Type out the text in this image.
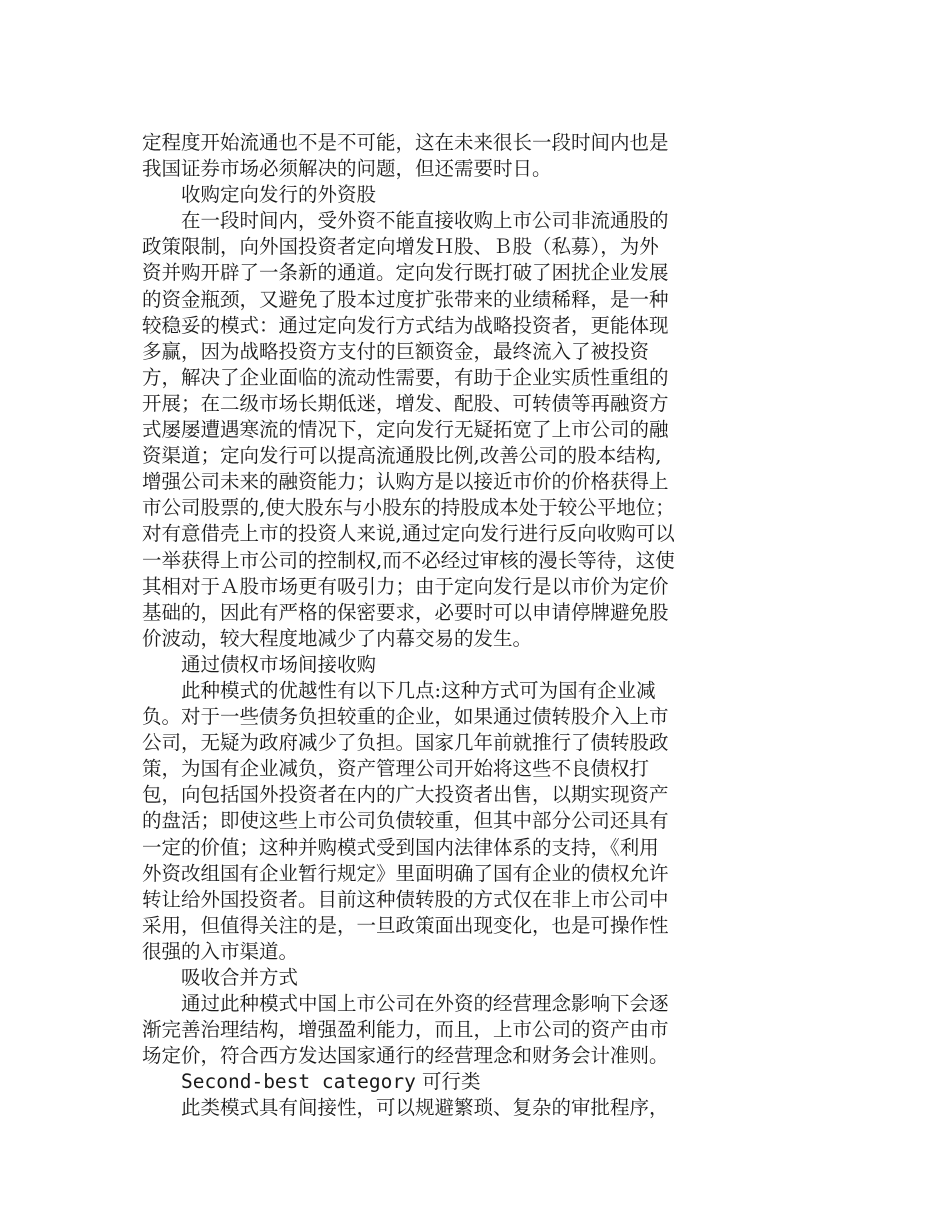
定程度开始流通也不是不可能，这在未来很长一段时间内也是

我国证券市场必须解决的问题，但还需要时日。

　　收购定向发行的外资股

　　在一段时间内，受外资不能直接收购上市公司非流通股的

政策限制，向外国投资者定向增发Ｈ股、Ｂ股（私募），为外

资并购开辟了一条新的通道。定向发行既打破了困扰企业发展

的资金瓶颈，又避免了股本过度扩张带来的业绩稀释，是一种

较稳妥的模式：通过定向发行方式结为战略投资者，更能体现

多赢，因为战略投资方支付的巨额资金，最终流入了被投资

方，解决了企业面临的流动性需要，有助于企业实质性重组的

开展；在二级市场长期低迷，增发、配股、可转债等再融资方

式屡屡遭遇寒流的情况下，定向发行无疑拓宽了上市公司的融

资渠道；定向发行可以提高流通股比例,改善公司的股本结构,

增强公司未来的融资能力；认购方是以接近市价的价格获得上

市公司股票的,使大股东与小股东的持股成本处于较公平地位；

对有意借壳上市的投资人来说,通过定向发行进行反向收购可以

一举获得上市公司的控制权,而不必经过审核的漫长等待，这使

其相对于Ａ股市场更有吸引力；由于定向发行是以市价为定价

基础的，因此有严格的保密要求，必要时可以申请停牌避免股

价波动，较大程度地减少了内幕交易的发生。

　　通过债权市场间接收购

　　此种模式的优越性有以下几点:这种方式可为国有企业减

负。对于一些债务负担较重的企业，如果通过债转股介入上市

公司，无疑为政府减少了负担。国家几年前就推行了债转股政

策，为国有企业减负，资产管理公司开始将这些不良债权打

包，向包括国外投资者在内的广大投资者出售，以期实现资产

的盘活；即使这些上市公司负债较重，但其中部分公司还具有

一定的价值；这种并购模式受到国内法律体系的支持，《利用

外资改组国有企业暂行规定》里面明确了国有企业的债权允许

转让给外国投资者。目前这种债转股的方式仅在非上市公司中

采用，但值得关注的是，一旦政策面出现变化，也是可操作性

很强的入市渠道。

　　吸收合并方式

　　通过此种模式中国上市公司在外资的经营理念影响下会逐

渐完善治理结构，增强盈利能力，而且，上市公司的资产由市

场定价，符合西方发达国家通行的经营理念和财务会计准则。

　　Second-best category 可行类

　　此类模式具有间接性，可以规避繁琐、复杂的审批程序，
